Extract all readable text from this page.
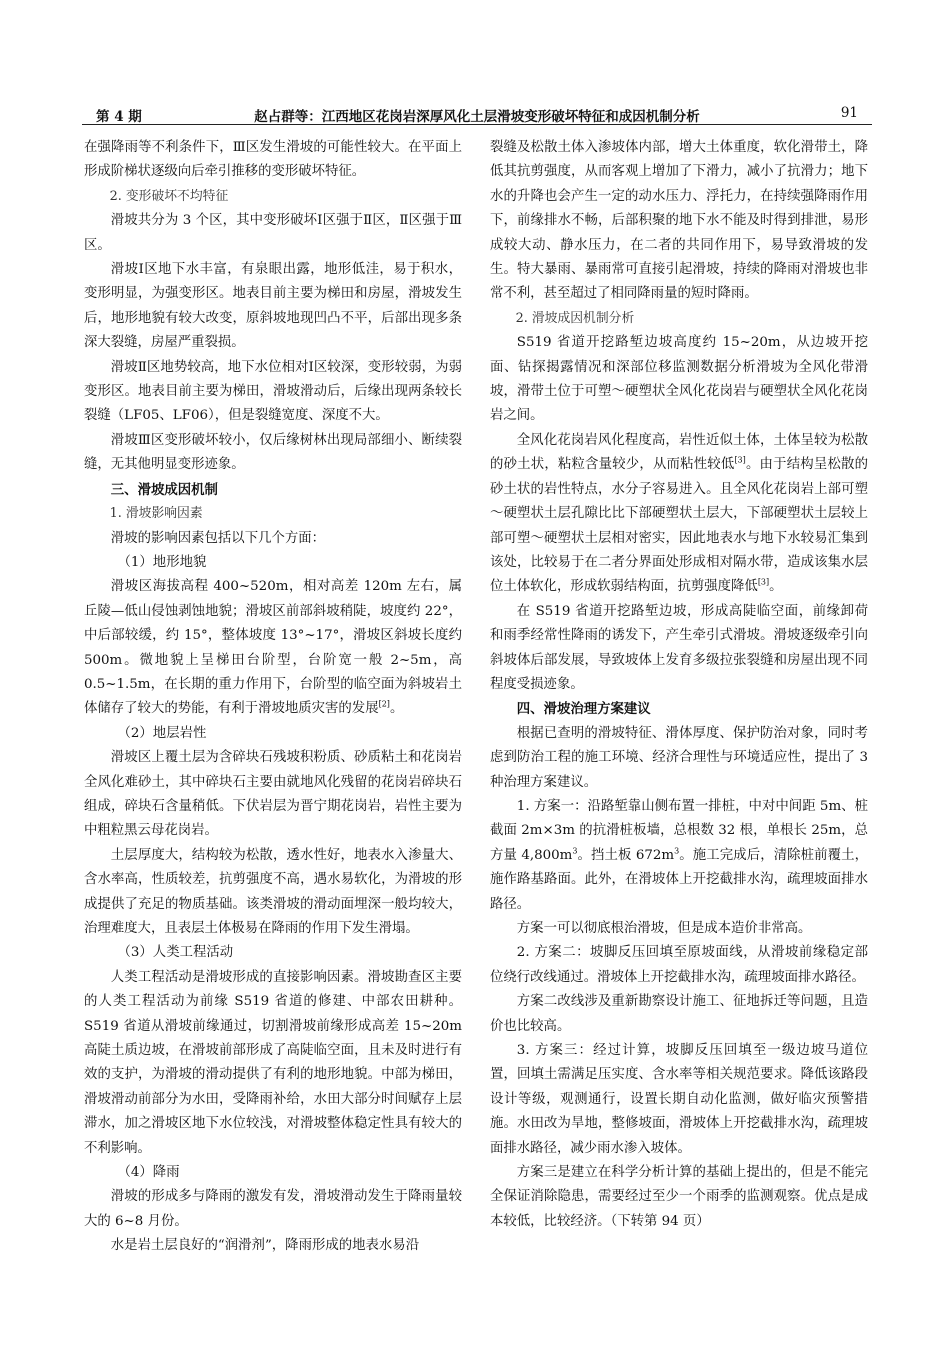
第 4 期	赵占群等：江西地区花岗岩深厚风化土层滑坡变形破坏特征和成因机制分析	91

在强降雨等不利条件下，Ⅲ区发生滑坡的可能性较大。在平面上形成阶梯状逐级向后牵引推移的变形破坏特征。

2. 变形破坏不均特征

滑坡共分为 3 个区，其中变形破坏Ⅰ区强于Ⅱ区，Ⅱ区强于Ⅲ区。

滑坡Ⅰ区地下水丰富，有泉眼出露，地形低洼，易于积水，变形明显，为强变形区。地表目前主要为梯田和房屋，滑坡发生后，地形地貌有较大改变，原斜坡地现凹凸不平，后部出现多条深大裂缝，房屋严重裂损。

滑坡Ⅱ区地势较高，地下水位相对Ⅰ区较深，变形较弱，为弱变形区。地表目前主要为梯田，滑坡滑动后，后缘出现两条较长裂缝（LF05、LF06），但是裂缝宽度、深度不大。

滑坡Ⅲ区变形破坏较小，仅后缘树林出现局部细小、断续裂缝，无其他明显变形迹象。

三、滑坡成因机制

1. 滑坡影响因素

滑坡的影响因素包括以下几个方面：

（1）地形地貌

滑坡区海拔高程 400~520m，相对高差 120m 左右，属丘陵—低山侵蚀剥蚀地貌；滑坡区前部斜坡稍陡，坡度约 22°，中后部较缓，约 15°，整体坡度 13°~17°，滑坡区斜坡长度约 500m。微地貌上呈梯田台阶型，台阶宽一般 2~5m，高 0.5~1.5m，在长期的重力作用下，台阶型的临空面为斜坡岩土体储存了较大的势能，有利于滑坡地质灾害的发展[2]。

（2）地层岩性

滑坡区上覆土层为含碎块石残坡积粉质、砂质粘土和花岗岩全风化难砂土，其中碎块石主要由就地风化残留的花岗岩碎块石组成，碎块石含量稍低。下伏岩层为晋宁期花岗岩，岩性主要为中粗粒黑云母花岗岩。

土层厚度大，结构较为松散，透水性好，地表水入渗量大、含水率高，性质较差，抗剪强度不高，遇水易软化，为滑坡的形成提供了充足的物质基础。该类滑坡的滑动面埋深一般均较大，治理难度大，且表层土体极易在降雨的作用下发生滑塌。

（3）人类工程活动

人类工程活动是滑坡形成的直接影响因素。滑坡勘查区主要的人类工程活动为前缘 S519 省道的修建、中部农田耕种。S519 省道从滑坡前缘通过，切割滑坡前缘形成高差 15~20m 高陡土质边坡，在滑坡前部形成了高陡临空面，且未及时进行有效的支护，为滑坡的滑动提供了有利的地形地貌。中部为梯田，滑坡滑动前部分为水田，受降雨补给，水田大部分时间赋存上层滞水，加之滑坡区地下水位较浅，对滑坡整体稳定性具有较大的不利影响。

（4）降雨

滑坡的形成多与降雨的激发有发，滑坡滑动发生于降雨量较大的 6~8 月份。

水是岩土层良好的“润滑剂”，降雨形成的地表水易沿

裂缝及松散土体入渗坡体内部，增大土体重度，软化滑带土，降低其抗剪强度，从而客观上增加了下滑力，减小了抗滑力；地下水的升降也会产生一定的动水压力、浮托力，在持续强降雨作用下，前缘排水不畅，后部积聚的地下水不能及时得到排泄，易形成较大动、静水压力，在二者的共同作用下，易导致滑坡的发生。特大暴雨、暴雨常可直接引起滑坡，持续的降雨对滑坡也非常不利，甚至超过了相同降雨量的短时降雨。

2. 滑坡成因机制分析

S519 省道开挖路堑边坡高度约 15~20m，从边坡开挖面、钻探揭露情况和深部位移监测数据分析滑坡为全风化带滑坡，滑带土位于可塑～硬塑状全风化花岗岩与硬塑状全风化花岗岩之间。

全风化花岗岩风化程度高，岩性近似土体，土体呈较为松散的砂土状，粘粒含量较少，从而粘性较低[3]。由于结构呈松散的砂土状的岩性特点，水分子容易进入。且全风化花岗岩上部可塑～硬塑状土层孔隙比比下部硬塑状土层大，下部硬塑状土层较上部可塑～硬塑状土层相对密实，因此地表水与地下水较易汇集到该处，比较易于在二者分界面处形成相对隔水带，造成该集水层位土体软化，形成软弱结构面，抗剪强度降低[3]。

在 S519 省道开挖路堑边坡，形成高陡临空面，前缘卸荷和雨季经常性降雨的诱发下，产生牵引式滑坡。滑坡逐级牵引向斜坡体后部发展，导致坡体上发育多级拉张裂缝和房屋出现不同程度受损迹象。

四、滑坡治理方案建议

根据已查明的滑坡特征、滑体厚度、保护防治对象，同时考虑到防治工程的施工环境、经济合理性与环境适应性，提出了 3 种治理方案建议。

1. 方案一：沿路堑靠山侧布置一排桩，中对中间距 5m、桩截面 2m×3m 的抗滑桩板墙，总根数 32 根，单根长 25m，总方量 $4,800m^3$。挡土板 $672m^3$。施工完成后，清除桩前覆土，施作路基路面。此外，在滑坡体上开挖截排水沟，疏理坡面排水路径。

方案一可以彻底根治滑坡，但是成本造价非常高。

2. 方案二：坡脚反压回填至原坡面线，从滑坡前缘稳定部位绕行改线通过。滑坡体上开挖截排水沟，疏理坡面排水路径。

方案二改线涉及重新勘察设计施工、征地拆迁等问题，且造价也比较高。

3. 方案三：经过计算，坡脚反压回填至一级边坡马道位置，回填土需满足压实度、含水率等相关规范要求。降低该路段设计等级，观测通行，设置长期自动化监测，做好临灾预警措施。水田改为旱地，整修坡面，滑坡体上开挖截排水沟，疏理坡面排水路径，减少雨水渗入坡体。

方案三是建立在科学分析计算的基础上提出的，但是不能完全保证消除隐患，需要经过至少一个雨季的监测观察。优点是成本较低，比较经济。（下转第 94 页）
